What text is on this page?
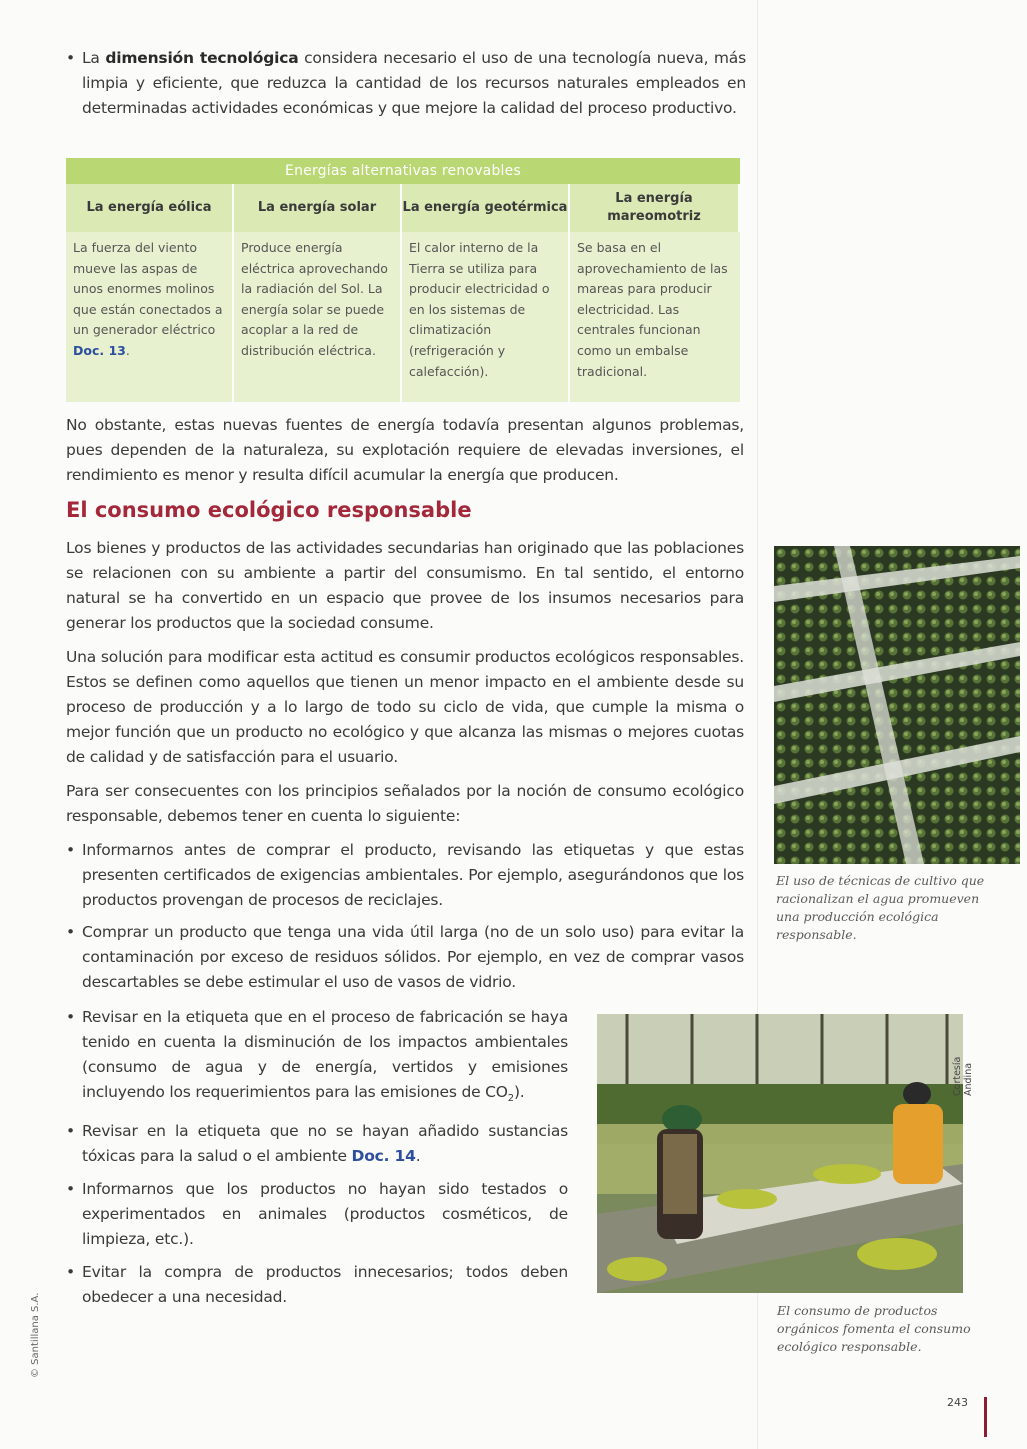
• La dimensión tecnológica considera necesario el uso de una tecnología nueva, más limpia y eficiente, que reduzca la cantidad de los recursos naturales empleados en determinadas actividades económicas y que mejore la calidad del proceso productivo.
Energías alternativas renovables
La energía eólica	La energía solar	La energía geotérmica
La energía mareomotriz
La fuerza del viento mueve las aspas de unos enormes molinos que están conectados a un generador eléctrico Doc. 13.
Produce energía eléctrica aprovechando la radiación del Sol. La energía solar se puede acoplar a la red de distribución eléctrica.
El calor interno de la Tierra se utiliza para producir electricidad o en los sistemas de climatización (refrigeración y calefacción).
Se basa en el aprovechamiento de las mareas para producir electricidad. Las centrales funcionan como un embalse tradicional.

No obstante, estas nuevas fuentes de energía todavía presentan algunos problemas, pues dependen de la naturaleza, su explotación requiere de elevadas inversiones, el rendimiento es menor y resulta difícil acumular la energía que producen.

El consumo ecológico responsable

Los bienes y productos de las actividades secundarias han originado que las poblaciones se relacionen con su ambiente a partir del consumismo. En tal sentido, el entorno natural se ha convertido en un espacio que provee de los insumos necesarios para generar los productos que la sociedad consume.

Una solución para modificar esta actitud es consumir productos ecológicos responsables. Estos se definen como aquellos que tienen un menor impacto en el ambiente desde su proceso de producción y a lo largo de todo su ciclo de vida, que cumple la misma o mejor función que un producto no ecológico y que alcanza las mismas o mejores cuotas de calidad y de satisfacción para el usuario.

Para ser consecuentes con los principios señalados por la noción de consumo ecológico responsable, debemos tener en cuenta lo siguiente:

• Informarnos antes de comprar el producto, revisando las etiquetas y que estas presenten certificados de exigencias ambientales. Por ejemplo, asegurándonos que los productos provengan de procesos de reciclajes.
• Comprar un producto que tenga una vida útil larga (no de un solo uso) para evitar la contaminación por exceso de residuos sólidos. Por ejemplo, en vez de comprar vasos descartables se debe estimular el uso de vasos de vidrio.
• Revisar en la etiqueta que en el proceso de fabricación se haya tenido en cuenta la disminución de los impactos ambientales (consumo de agua y de energía, vertidos y emisiones incluyendo los requerimientos para las emisiones de $CO_2$).
• Revisar en la etiqueta que no se hayan añadido sustancias tóxicas para la salud o el ambiente Doc. 14.
• Informarnos que los productos no hayan sido testados o experimentados en animales (productos cosméticos, de limpieza, etc.).
• Evitar la compra de productos innecesarios; todos deben obedecer a una necesidad.
El uso de técnicas de cultivo que racionalizan el agua promueven una producción ecológica responsable.
Cortesía Andina
El consumo de productos orgánicos fomenta el consumo ecológico responsable.
© Santillana S.A.
243
